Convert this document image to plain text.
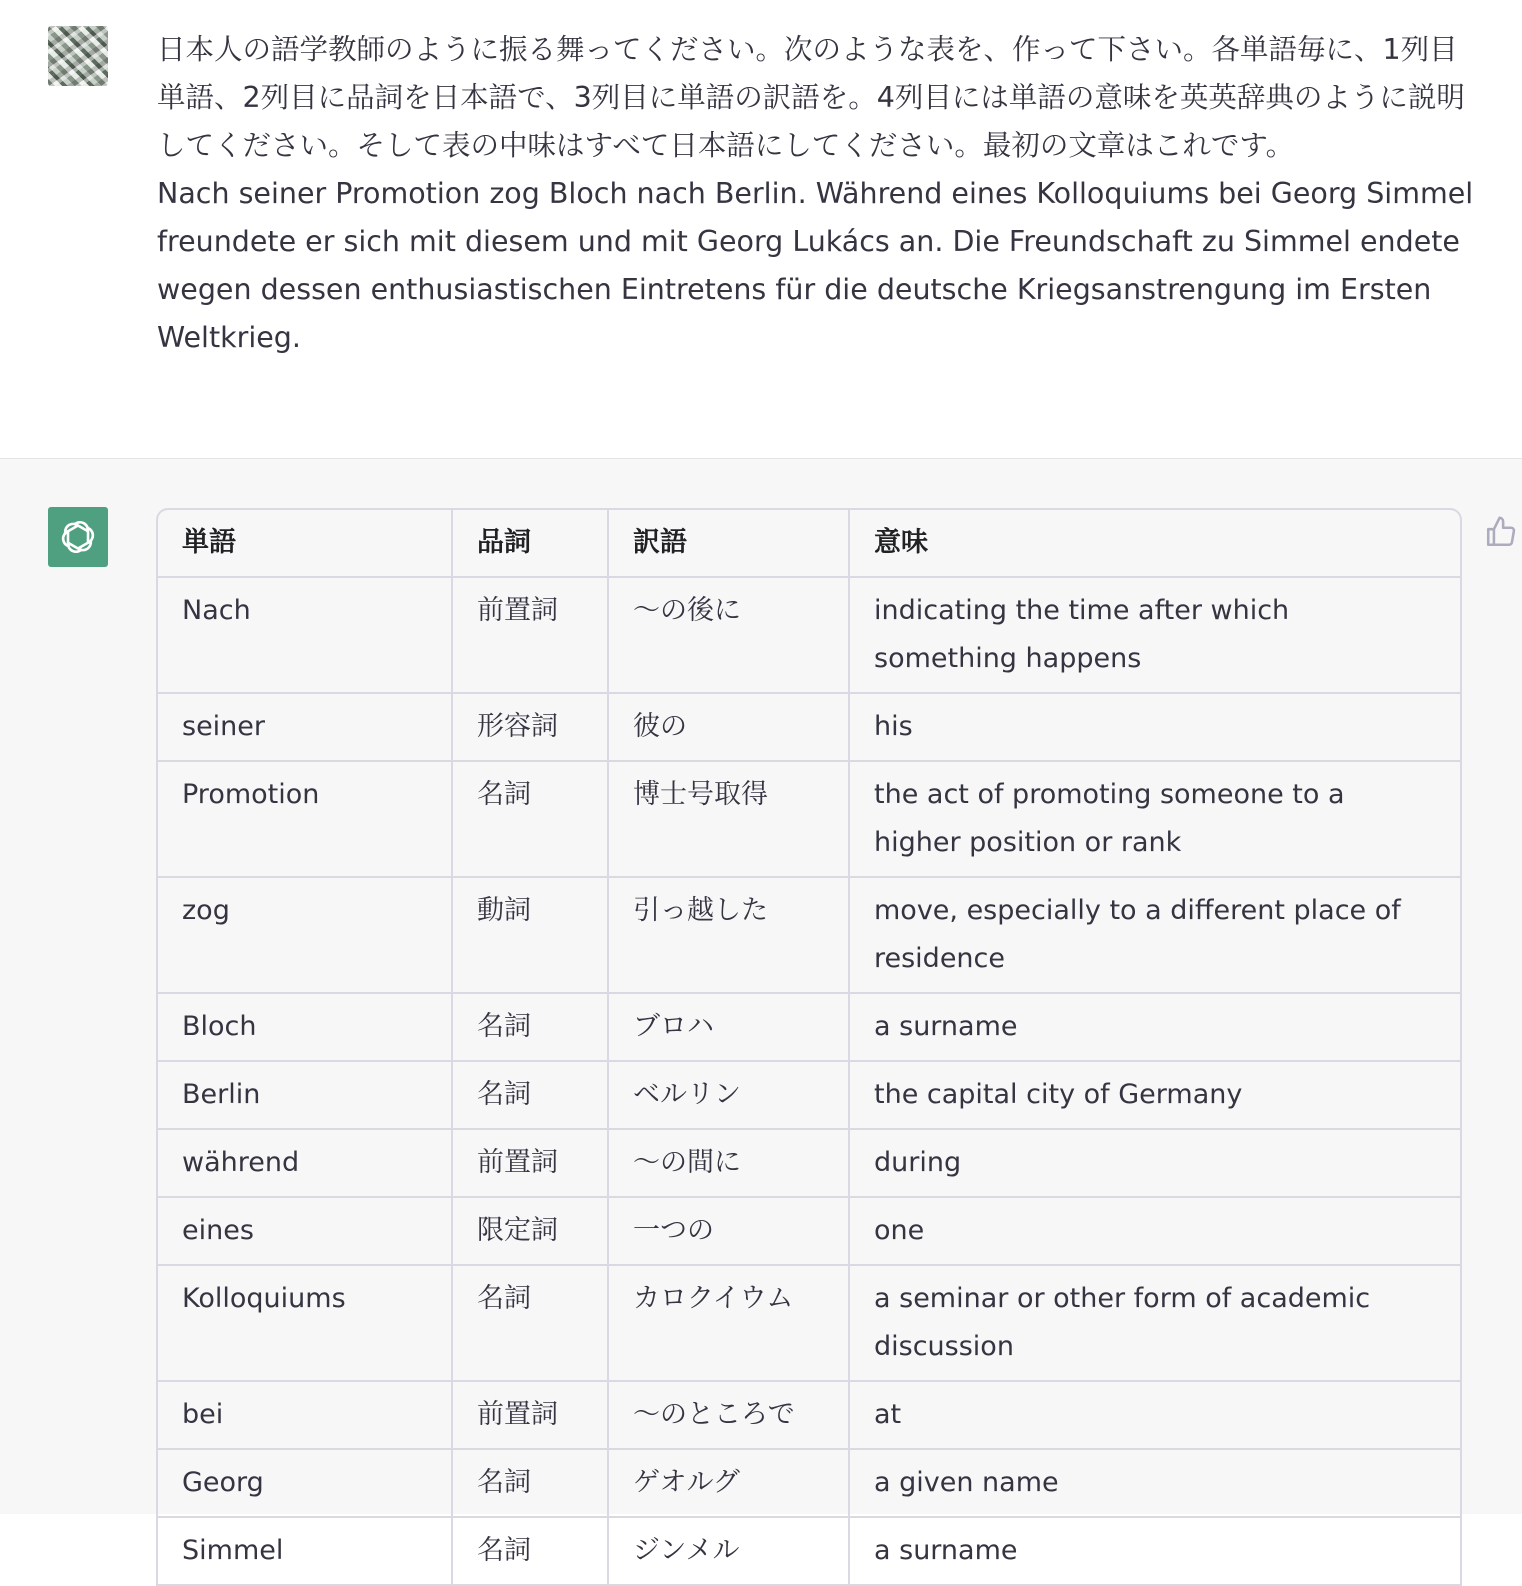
日本人の語学教師のように振る舞ってください。次のような表を、作って下さい。各単語毎に、1列目単語、2列目に品詞を日本語で、3列目に単語の訳語を。4列目には単語の意味を英英辞典のように説明してください。そして表の中味はすべて日本語にしてください。最初の文章はこれです。

Nach seiner Promotion zog Bloch nach Berlin. Während eines Kolloquiums bei Georg Simmel freundete er sich mit diesem und mit Georg Lukács an. Die Freundschaft zu Simmel endete wegen dessen enthusiastischen Eintretens für die deutsche Kriegsanstrengung im Ersten Weltkrieg.

単語	品詞	訳語	意味
Nach	前置詞	〜の後に	indicating the time after which something happens
seiner	形容詞	彼の	his
Promotion	名詞	博士号取得	the act of promoting someone to a higher position or rank
zog	動詞	引っ越した	move, especially to a different place of residence
Bloch	名詞	ブロハ	a surname
Berlin	名詞	ベルリン	the capital city of Germany
während	前置詞	〜の間に	during
eines	限定詞	一つの	one
Kolloquiums	名詞	カロクイウム	a seminar or other form of academic discussion
bei	前置詞	〜のところで	at
Georg	名詞	ゲオルグ	a given name
Simmel	名詞	ジンメル	a surname
